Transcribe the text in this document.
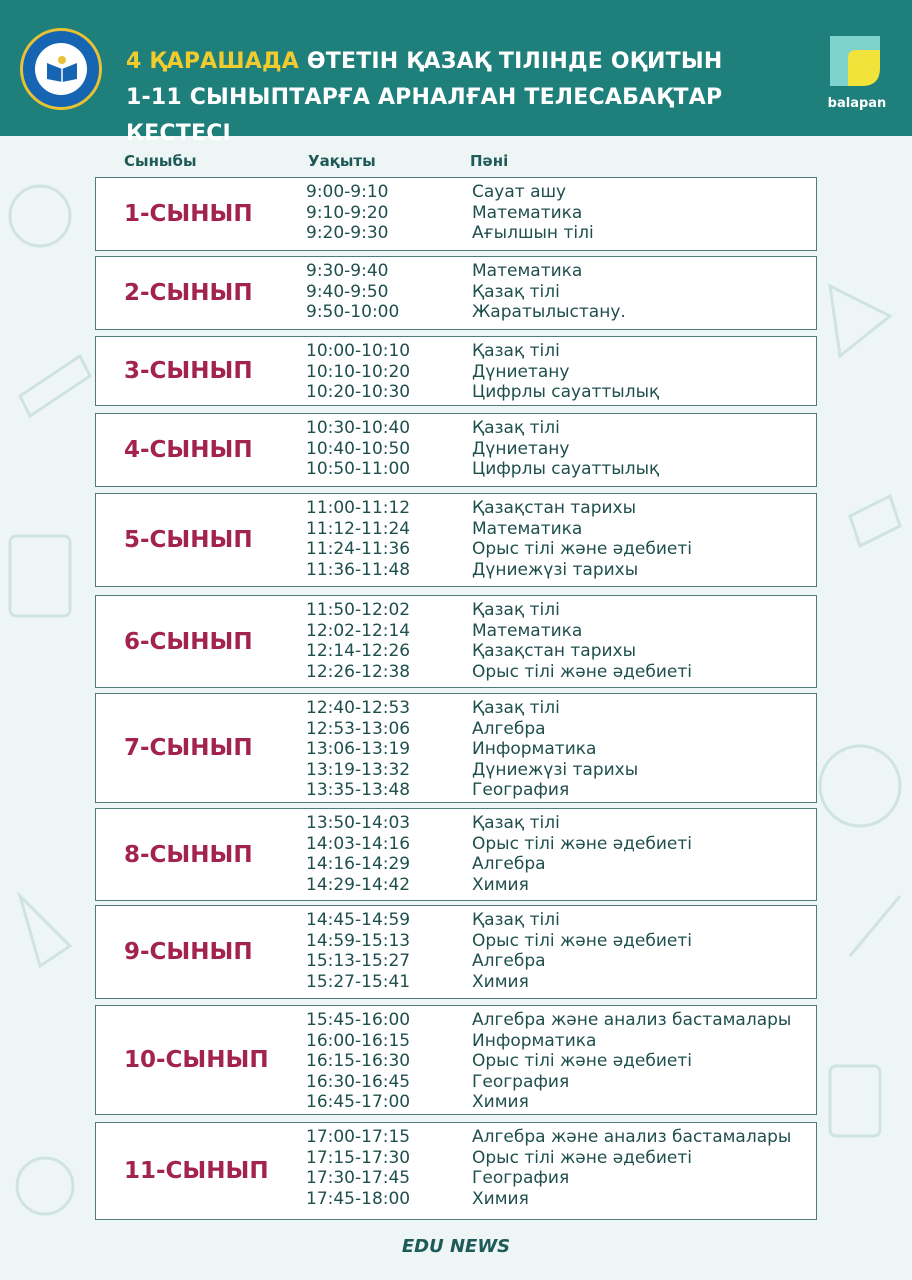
4 ҚАРАШАДА ӨТЕТІН ҚАЗАҚ ТІЛІНДЕ ОҚИТЫН
1-11 СЫНЫПТАРҒА АРНАЛҒАН ТЕЛЕСАБАҚТАР КЕСТЕСІ
balapan
Сыныбы	Уақыты	Пәні
1-СЫНЫП
9:00-9:10
9:10-9:20
9:20-9:30
Сауат ашу
Математика
Ағылшын тілі
2-СЫНЫП
9:30-9:40
9:40-9:50
9:50-10:00
Математика
Қазақ тілі
Жаратылыстану.
3-СЫНЫП
10:00-10:10
10:10-10:20
10:20-10:30
Қазақ тілі
Дүниетану
Цифрлы сауаттылық
4-СЫНЫП
10:30-10:40
10:40-10:50
10:50-11:00
Қазақ тілі
Дүниетану
Цифрлы сауаттылық
5-СЫНЫП
11:00-11:12
11:12-11:24
11:24-11:36
11:36-11:48
Қазақстан тарихы
Математика
Орыс тілі және әдебиеті
Дүниежүзі тарихы
6-СЫНЫП
11:50-12:02
12:02-12:14
12:14-12:26
12:26-12:38
Қазақ тілі
Математика
Қазақстан тарихы
Орыс тілі және әдебиеті
7-СЫНЫП
12:40-12:53
12:53-13:06
13:06-13:19
13:19-13:32
13:35-13:48
Қазақ тілі
Алгебра
Информатика
Дүниежүзі тарихы
География
8-СЫНЫП
13:50-14:03
14:03-14:16
14:16-14:29
14:29-14:42
Қазақ тілі
Орыс тілі және әдебиеті
Алгебра
Химия
9-СЫНЫП
14:45-14:59
14:59-15:13
15:13-15:27
15:27-15:41
Қазақ тілі
Орыс тілі және әдебиеті
Алгебра
Химия
10-СЫНЫП
15:45-16:00
16:00-16:15
16:15-16:30
16:30-16:45
16:45-17:00
Алгебра және анализ бастамалары
Информатика
Орыс тілі және әдебиеті
География
Химия
11-СЫНЫП
17:00-17:15
17:15-17:30
17:30-17:45
17:45-18:00
Алгебра және анализ бастамалары
Орыс тілі және әдебиеті
География
Химия
EDU NEWS
